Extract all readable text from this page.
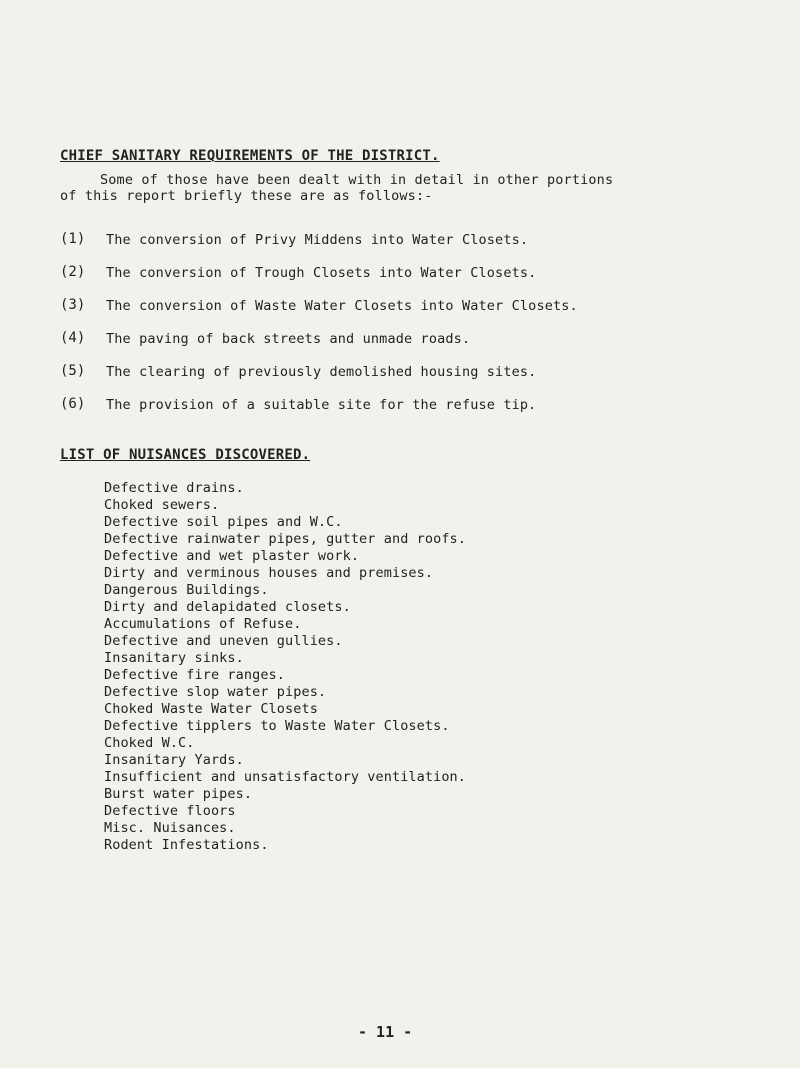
CHIEF SANITARY REQUIREMENTS OF THE DISTRICT.
Some of those have been dealt with in detail in other portions
of this report briefly these are as follows:-
(1) The conversion of Privy Middens into Water Closets.
(2) The conversion of Trough Closets into Water Closets.
(3) The conversion of Waste Water Closets into Water Closets.
(4) The paving of back streets and unmade roads.
(5) The clearing of previously demolished housing sites.
(6) The provision of a suitable site for the refuse tip.
LIST OF NUISANCES DISCOVERED.
Defective drains.
Choked sewers.
Defective soil pipes and W.C.
Defective rainwater pipes, gutter and roofs.
Defective and wet plaster work.
Dirty and verminous houses and premises.
Dangerous Buildings.
Dirty and delapidated closets.
Accumulations of Refuse.
Defective and uneven gullies.
Insanitary sinks.
Defective fire ranges.
Defective slop water pipes.
Choked Waste Water Closets
Defective tipplers to Waste Water Closets.
Choked W.C.
Insanitary Yards.
Insufficient and unsatisfactory ventilation.
Burst water pipes.
Defective floors
Misc. Nuisances.
Rodent Infestations.
- 11 -
